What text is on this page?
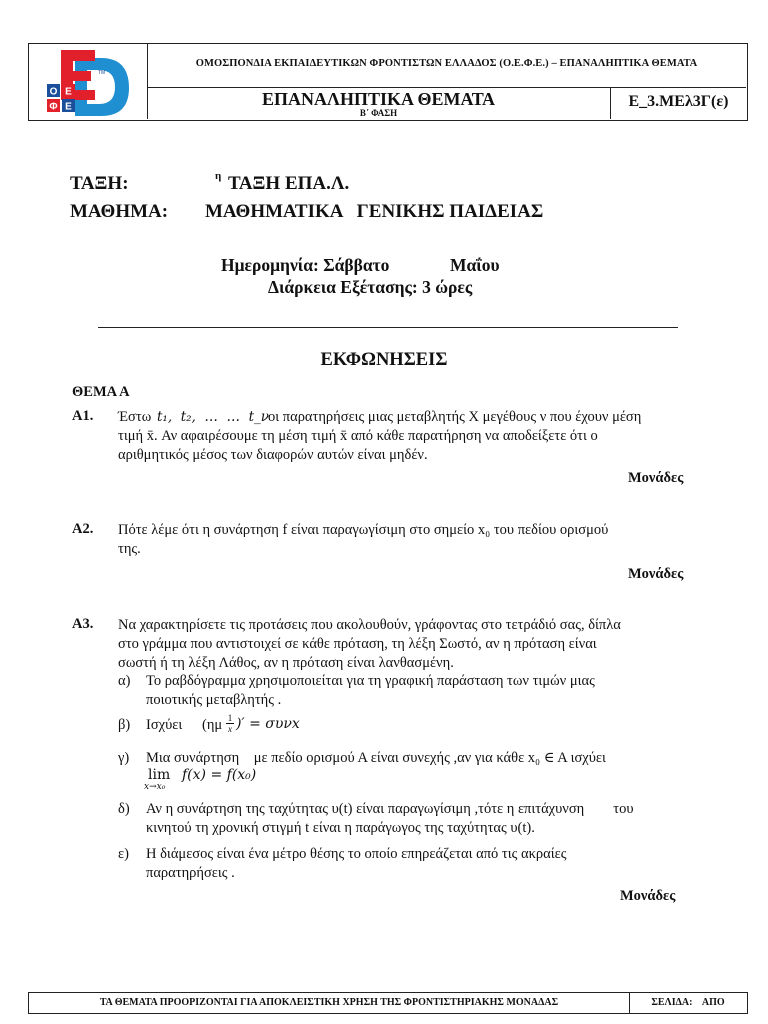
Ο Ε
Φ Ε
TM
ΟΜΟΣΠΟΝΔΙΑ ΕΚΠΑΙΔΕΥΤΙΚΩΝ ΦΡΟΝΤΙΣΤΩΝ ΕΛΛΑΔΟΣ (Ο.Ε.Φ.Ε.) – ΕΠΑΝΑΛΗΠΤΙΚΑ ΘΕΜΑΤΑ
ΕΠΑΝΑΛΗΠΤΙΚΑ ΘΕΜΑΤΑ
Β΄ ΦΑΣΗ
Ε_3.ΜΕλ3Γ(ε)
ΤΑΞΗ:	η ΤΑΞΗ ΕΠΑ.Λ.
ΜΑΘΗΜΑ: ΜΑΘΗΜΑΤΙΚΑ   ΓΕΝΙΚΗΣ ΠΑΙΔΕΙΑΣ
Ημερομηνία: Σάββατο	Μαΐου
Διάρκεια Εξέτασης: 3 ώρες
ΕΚΦΩΝΗΣΕΙΣ
ΘΕΜΑ Α
Α1. Έστω t₁,  t₂,  …  …  t_ν οι παρατηρήσεις μιας μεταβλητής Χ μεγέθους ν που έχουν μέση
τιμή x̄. Αν αφαιρέσουμε τη μέση τιμή x̄ από κάθε παρατήρηση να αποδείξετε ότι ο
αριθμητικός μέσος των διαφορών αυτών είναι μηδέν.
Μονάδες
Α2. Πότε λέμε ότι η συνάρτηση f είναι παραγωγίσιμη στο σημείο x₀ του πεδίου ορισμού
της.
Μονάδες
Α3. Να χαρακτηρίσετε τις προτάσεις που ακολουθούν, γράφοντας στο τετράδιό σας, δίπλα
στο γράμμα που αντιστοιχεί σε κάθε πρόταση, τη λέξη Σωστό, αν η πρόταση είναι
σωστή ή τη λέξη Λάθος, αν η πρόταση είναι λανθασμένη.
α) Το ραβδόγραμμα χρησιμοποιείται για τη γραφική παράσταση των τιμών μιας
ποιοτικής μεταβλητής .
β) Ισχύει ($\eta\mu \frac{1}{x}$ )′ = συνx
γ) Μια συνάρτηση    με πεδίο ορισμού Α είναι συνεχής ,αν για κάθε x₀ ∈ A ισχύει
lim
x→x₀
f(x) = f(x₀)
δ) Αν η συνάρτηση της ταχύτητας υ(t) είναι παραγωγίσιμη ,τότε η επιτάχυνση        του
κινητού τη χρονική στιγμή t είναι η παράγωγος της ταχύτητας υ(t).
ε) Η διάμεσος είναι ένα μέτρο θέσης το οποίο επηρεάζεται από τις ακραίες
παρατηρήσεις .
Μονάδες
ΤΑ ΘΕΜΑΤΑ ΠΡΟΟΡΙΖΟΝΤΑΙ ΓΙΑ ΑΠΟΚΛΕΙΣΤΙΚΗ ΧΡΗΣΗ ΤΗΣ ΦΡΟΝΤΙΣΤΗΡΙΑΚΗΣ ΜΟΝΑΔΑΣ	ΣΕΛΙΔΑ:    ΑΠΟ
